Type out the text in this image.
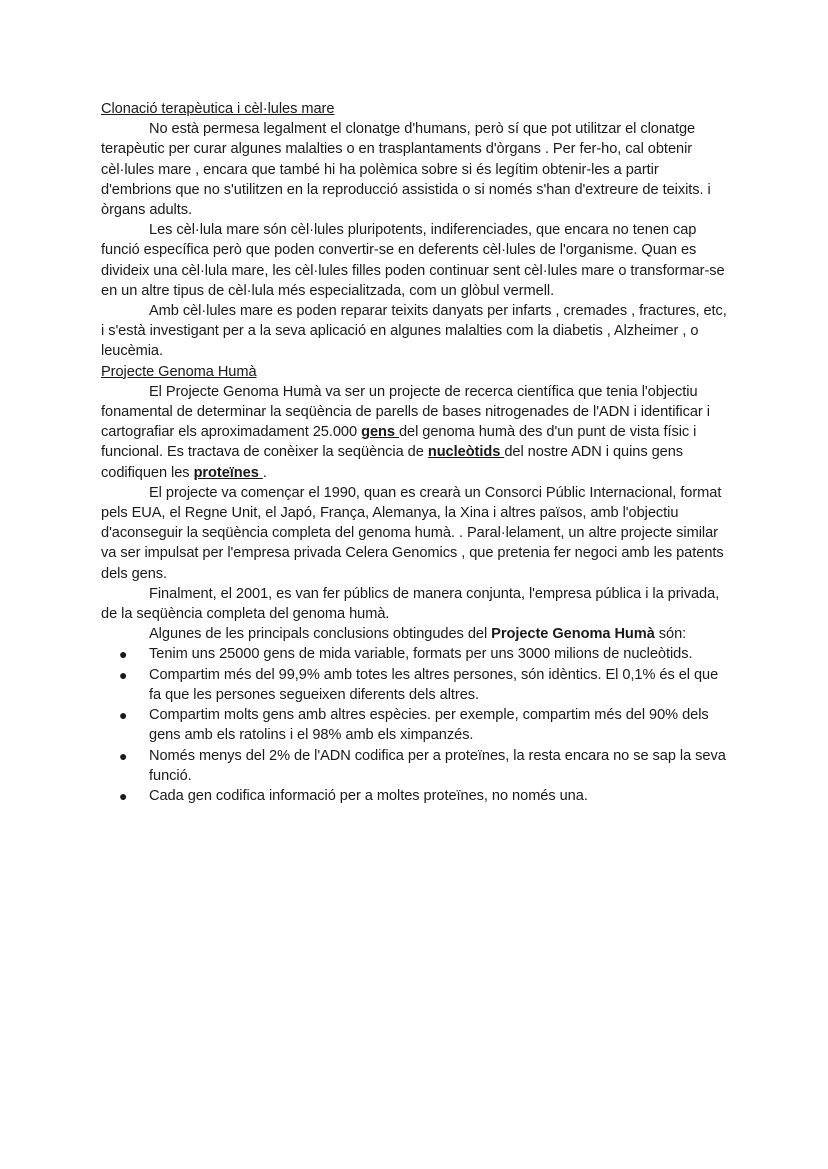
Clonació terapèutica i cèl·lules mare

No està permesa legalment el clonatge d'humans, però sí que pot utilitzar el clonatge terapèutic per curar algunes malalties o en trasplantaments d'òrgans . Per fer-ho, cal obtenir cèl·lules mare , encara que també hi ha polèmica sobre si és legítim obtenir-les a partir d'embrions que no s'utilitzen en la reproducció assistida o si només s'han d'extreure de teixits. i òrgans adults.

Les cèl·lula mare són cèl·lules pluripotents, indiferenciades, que encara no tenen cap funció específica però que poden convertir-se en deferents cèl·lules de l'organisme. Quan es divideix una cèl·lula mare, les cèl·lules filles poden continuar sent cèl·lules mare o transformar-se en un altre tipus de cèl·lula més especialitzada, com un glòbul vermell.

Amb cèl·lules mare es poden reparar teixits danyats per infarts , cremades , fractures, etc, i s'està investigant per a la seva aplicació en algunes malalties com la diabetis , Alzheimer , o leucèmia.

Projecte Genoma Humà

El Projecte Genoma Humà va ser un projecte de recerca científica que tenia l'objectiu fonamental de determinar la seqüència de parells de bases nitrogenades de l'ADN i identificar i cartografiar els aproximadament 25.000 gens del genoma humà des d'un punt de vista físic i funcional. Es tractava de conèixer la seqüència de nucleòtids del nostre ADN i quins gens codifiquen les proteïnes .

El projecte va començar el 1990, quan es crearà un Consorci Públic Internacional, format pels EUA, el Regne Unit, el Japó, França, Alemanya, la Xina i altres països, amb l'objectiu d'aconseguir la seqüència completa del genoma humà. . Paral·lelament, un altre projecte similar va ser impulsat per l'empresa privada Celera Genomics , que pretenia fer negoci amb les patents dels gens.

Finalment, el 2001, es van fer públics de manera conjunta, l'empresa pública i la privada, de la seqüència completa del genoma humà.

Algunes de les principals conclusions obtingudes del Projecte Genoma Humà són:

● Tenim uns 25000 gens de mida variable, formats per uns 3000 milions de nucleòtids.
● Compartim més del 99,9% amb totes les altres persones, són idèntics. El 0,1% és el que fa que les persones segueixen diferents dels altres.
● Compartim molts gens amb altres espècies. per exemple, compartim més del 90% dels gens amb els ratolins i el 98% amb els ximpanzés.
● Només menys del 2% de l'ADN codifica per a proteïnes, la resta encara no se sap la seva funció.
● Cada gen codifica informació per a moltes proteïnes, no només una.
